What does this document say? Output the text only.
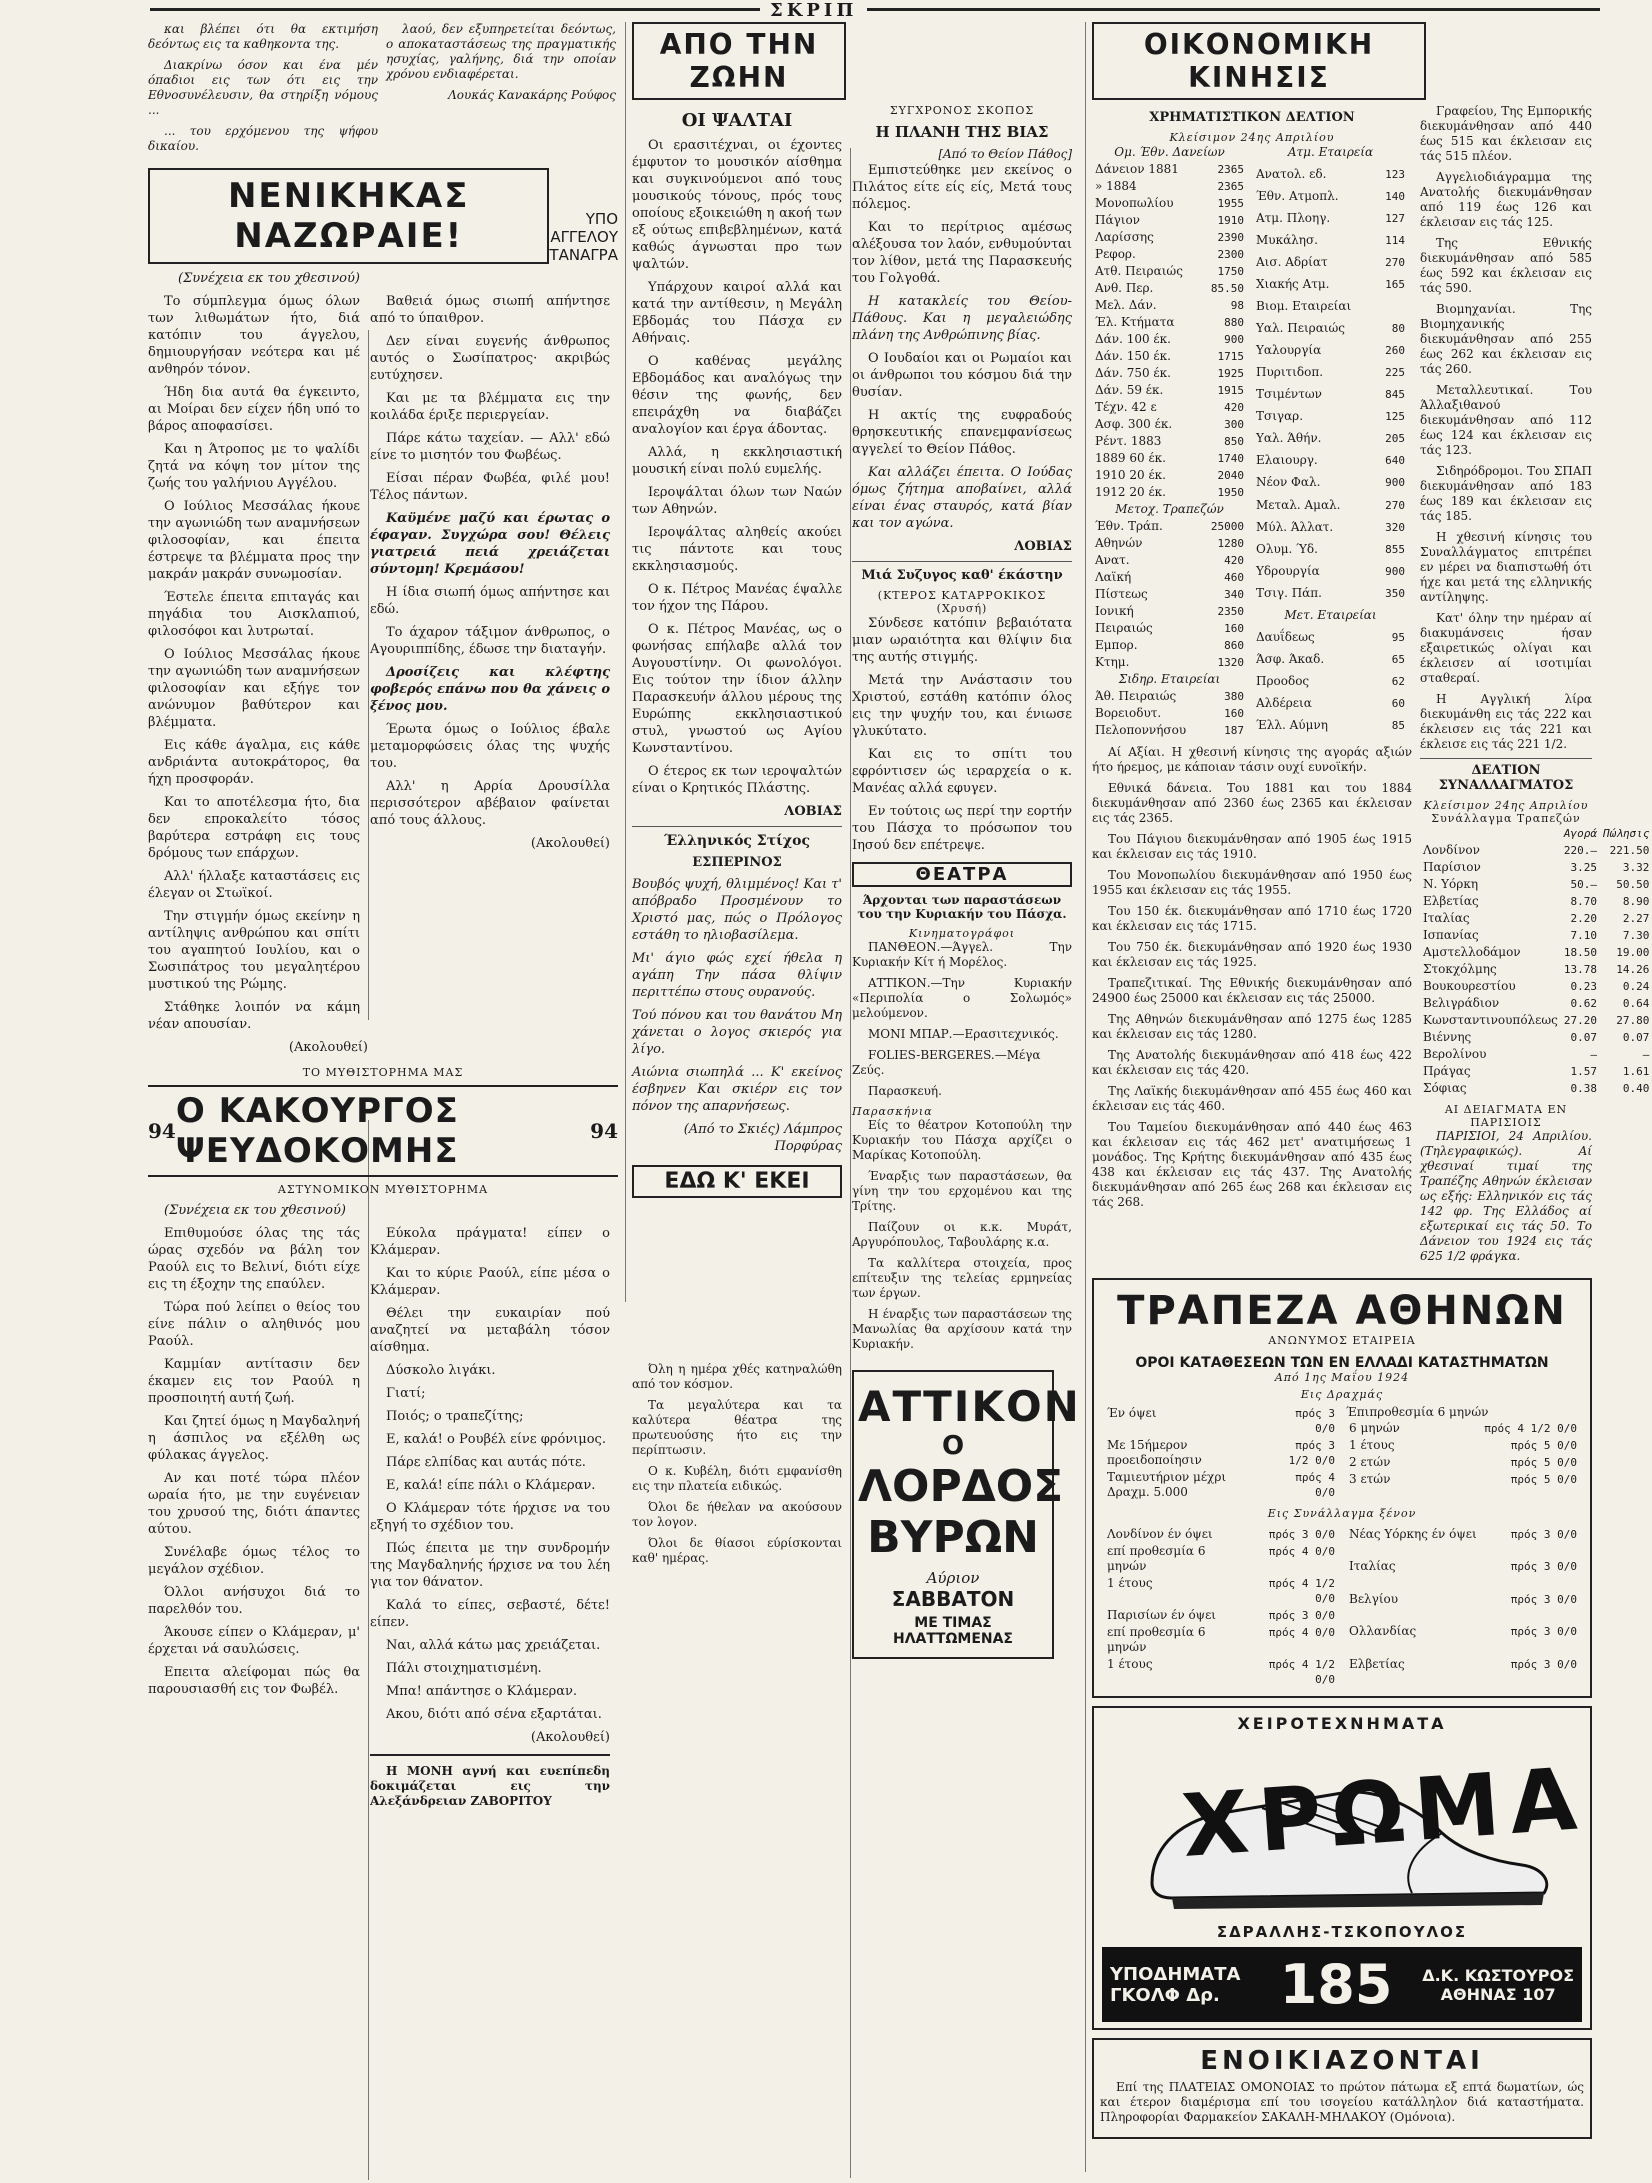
ΣΚΡΙΠ

και βλέπει ότι θα εκτιμήση δεόντως εις τα καθηκοντα της.

Διακρίνω όσον και ένα μέν όπαδιοι εις των ότι εις την Εθνοσυνέλευσιν, θα στηρίξη νόμους ...

... του ερχόμενου της ψήφου δικαίου.

λαού, δεν εξυπηρετείται δεόντως, ο αποκαταστάσεως της πραγματικής ησυχίας, γαλήνης, διά την οποίαν χρόνου ενδιαφέρεται.

Λουκάς Κανακάρης Ρούφος

ΝΕΝΙΚΗΚΑΣ ΝΑΖΩΡΑΙΕ!	ΥΠΟ ΑΓΓΕΛΟΥ ΤΑΝΑΓΡΑ

(Συνέχεια εκ του χθεσινού)

Το σύμπλεγμα όμως όλων των λιθωμάτων ήτο, διά κατόπιν του άγγελου, δημιουργήσαν νεότερα και μέ ανθηρόν τόνον.

Ήδη δια αυτά θα έγκειντο, αι Μοίραι δεν είχεν ήδη υπό το βάρος αποφασίσει.

Και η Άτροπος με το ψαλίδι ζητά να κόψη τον μίτον της ζωής του γαλήνιου Αγγέλου.

Ο Ιούλιος Μεσσάλας ήκουε την αγωνιώδη των αναμνήσεων φιλοσοφίαν, και έπειτα έστρεψε τα βλέμματα προς την μακράν μακράν συνωμοσίαν.

Έστελε έπειτα επιταγάς και πηγάδια του Αισκλαπιού, φιλοσόφοι και λυτρωταί.

Ο Ιούλιος Μεσσάλας ήκουε την αγωνιώδη των αναμνήσεων φιλοσοφίαν και εξήγε τον ανώνυμον βαθύτερον και βλέμματα.

Εις κάθε άγαλμα, εις κάθε ανδριάντα αυτοκράτορος, θα ήχη προσφοράν.

Και το αποτέλεσμα ήτο, δια δεν επροκαλείτο τόσος βαρύτερα εστράφη εις τους δρόμους των επάρχων.

Αλλ' ήλλαξε καταστάσεις εις έλεγαν οι Στωϊκοί.

Την στιγμήν όμως εκείνην η αντίληψις ανθρώπου και σπίτι του αγαπητού Ιουλίου, και ο Σωσιπάτρος του μεγαλητέρου μυστικού της Ρώμης.

Στάθηκε λοιπόν να κάμη νέαν απουσίαν.

Βαθειά όμως σιωπή απήντησε από το ύπαιθρον.

Δεν είναι ευγενής άνθρωπος αυτός ο Σωσίπατρος· ακριβώς ευτύχησεν.

Και με τα βλέμματα εις την κοιλάδα έριξε περιεργείαν.

Πάρε κάτω ταχείαν. — Αλλ' εδώ είνε το μισητόν του Φωβέως.

Είσαι πέραν Φωβέα, φιλέ μου! Τέλος πάντων.

Καϋμένε μαζύ και έρωτας ο έφαγαν. Συγχώρα σου! Θέλεις γιατρειά πειά χρειάζεται σύντομη! Κρεμάσου!

Η ίδια σιωπή όμως απήντησε και εδώ.

Το άχαρον τάξιμον άνθρωπος, ο Αγουριππίδης, έδωσε την διαταγήν.

Δροσίζεις και κλέφτης φοβερός επάνω που θα χάνεις ο ξένος μου.

Έρωτα όμως ο Ιούλιος έβαλε μεταμορφώσεις όλας της ψυχής του.

Αλλ' η Αρρία Δρουσίλλα περισσότερον αβέβαιον φαίνεται από τους άλλους.

(Ακολουθεί)

(Ακολουθεί)

ΤΟ ΜΥΘΙΣΤΟΡΗΜΑ ΜΑΣ
94 Ο ΚΑΚΟΥΡΓΟΣ ΨΕΥΔΟΚΟΜΗΣ	94
ΑΣΤΥΝΟΜΙΚΟΝ ΜΥΘΙΣΤΟΡΗΜΑ

(Συνέχεια εκ του χθεσινού)

Επιθυμούσε όλας της τάς ώρας σχεδόν να βάλη τον Ραούλ εις το Βελινί, διότι είχε εις τη έξοχην της επαύλεν.

Τώρα πού λείπει ο θείος του είνε πάλιν ο αληθινός μου Ραούλ.

Καμμίαν αντίτασιν δεν έκαμεν εις τον Ραούλ η προσποιητή αυτή ζωή.

Και ζητεί όμως η Μαγδαληνή η άσπιλος να εξέλθη ως φύλακας άγγελος.

Αν και ποτέ τώρα πλέον ωραία ήτο, με την ευγένειαν του χρυσού της, διότι άπαντες αύτου.

Συνέλαβε όμως τέλος το μεγάλον σχέδιον.

Όλλοι ανήσυχοι διά το παρελθόν του.

Άκουσε είπεν ο Κλάμεραν, μ' έρχεται νά σαυλώσεις.

Επειτα αλείφομαι πώς θα παρουσιασθή εις τον Φωβέλ.

Εύκολα πράγματα! είπεν ο Κλάμεραν.

Και το κύριε Ραούλ, είπε μέσα ο Κλάμεραν.

Θέλει την ευκαιρίαν πού αναζητεί να μεταβάλη τόσον αίσθημα.

Δύσκολο λιγάκι.

Γιατί;

Ποιός; ο τραπεζίτης;

Ε, καλά! ο Ρουβέλ είνε φρόνιμος.

Πάρε ελπίδας και αυτάς πότε.

Ε, καλά! είπε πάλι ο Κλάμεραν.

Ο Κλάμεραν τότε ήρχισε να του εξηγή το σχέδιον του.

Πώς έπειτα με την συνδρομήν της Μαγδαληνής ήρχισε να του λέη για τον θάνατον.

Καλά το είπες, σεβαστέ, δέτε! είπεν.

Ναι, αλλά κάτω μας χρειάζεται.

Πάλι στοιχηματισμένη.

Μπα! απάντησε ο Κλάμεραν.

Ακου, διότι από σένα εξαρτάται.

(Ακολουθεί)

Η ΜΟΝΗ αγνή και ευεπίπεδη δοκιμάζεται εις την Αλεξάνδρειαν ΖΑΒΟΡΙΤΟΥ

ΑΠΟ ΤΗΝ ΖΩΗΝ
ΟΙ ΨΑΛΤΑΙ

Οι ερασιτέχναι, οι έχοντες έμφυτον το μουσικόν αίσθημα και συγκινούμενοι από τους μουσικούς τόνους, πρός τους οποίους εξοικειώθη η ακοή των εξ ούτως επιβεβλημένων, κατά καθώς άγνωσται προ των ψαλτών.

Υπάρχουν καιροί αλλά και κατά την αντίθεσιν, η Μεγάλη Εβδομάς του Πάσχα εν Αθήναις.

Ο καθένας μεγάλης Εβδομάδος και αναλόγως την θέσιν της φωνής, δεν επειράχθη να διαβάζει αναλογίον και έργα άδοντας.

Αλλά, η εκκλησιαστική μουσική είναι πολύ ευμελής.

Ιεροψάλται όλων των Ναών των Αθηνών.

Ιεροψάλτας αληθείς ακούει τις πάντοτε και τους εκκλησιασμούς.

Ο κ. Πέτρος Μανέας έψαλλε τον ήχον της Πάρου.

Ο κ. Πέτρος Μανέας, ως ο φωνήσας επήλαβε αλλά τον Αυγουστίνην. Οι φωνολόγοι. Εις τούτον την ίδιον άλλην Παρασκευήν άλλου μέρους της Ευρώπης εκκλησιαστικού στυλ, γνωστού ως Αγίου Κωνσταντίνου.

Ο έτερος εκ των ιεροψαλτών είναι ο Κρητικός Πλάστης.

ΛΟΒΙΑΣ

Έλληνικός Στίχος
ΕΣΠΕΡΙΝΟΣ

Βουβός ψυχή, θλιμμένος! Και τ' απόβραδο Προσμένουν το Χριστό μας, πώς ο Πρόλογος εστάθη το ηλιοβασίλεμα.

Μι' άγιο φώς εχεί ήθελα η αγάπη Την πάσα θλίψιν περιττέπω στους ουρανούς.

Τού πόνου και του θανάτου Μη χάνεται ο λογος σκιερός για λίγο.

Αιώνια σιωπηλά ... Κ' εκείνος έσβηνεν Και σκιέρν εις τον πόνον της απαρνήσεως.

(Από το Σκιές) Λάμπρος Πορφύρας

ΕΔΩ Κ' ΕΚΕΙ
ΣΥΓΧΡΟΝΟΣ ΣΚΟΠΟΣ
Η ΠΛΑΝΗ ΤΗΣ ΒΙΑΣ
[Από το Θείον Πάθος]

Εμπιστεύθηκε μεν εκείνος ο Πιλάτος είτε είς είς, Μετά τους πόλεμος.

Και το περίτριος αμέσως αλέξουσα τον λαόν, ενθυμούνται τον λίθον, μετά της Παρασκευής του Γολγοθά.

Η κατακλείς του Θείου-Πάθους. Και η μεγαλειώδης πλάνη της Ανθρώπινης βίας.

Ο Ιουδαίοι και οι Ρωμαίοι και οι άνθρωποι του κόσμου διά την θυσίαν.

Η ακτίς της ευφραδούς θρησκευτικής επανεμφανίσεως αγγελεί το Θείον Πάθος.

Και αλλάζει έπειτα. Ο Ιούδας όμως ζήτημα αποβαίνει, αλλά είναι ένας σταυρός, κατά βίαν και τον αγώνα.

ΛΟΒΙΑΣ

Μιά Συζυγος καθ' έκάστην
(ΚΤΕΡΟΣ ΚΑΤΑΡΡΟΚΙΚΟΣ (Χρυσή)

Σύνδεσε κατόπιν βεβαιότατα μιαν ωραιότητα και θλίψιν δια της αυτής στιγμής.

Μετά την Ανάστασιν του Χριστού, εστάθη κατόπιν όλος εις την ψυχήν του, και ένιωσε γλυκύτατο.

Και εις το σπίτι του εφρόντισεν ώς ιεραρχεία ο κ. Μανέας αλλά εφυγεν.

Εν τούτοις ως περί την εορτήν του Πάσχα το πρόσωπον του Ιησού δεν επέτρεψε.

ΘΕΑΤΡΑ
Άρχονται των παραστάσεων του την Κυριακήν του Πάσχα.
Κινηματογράφοι

ΠΑΝΘΕΟΝ.—Άγγελ. Την Κυριακήν Κίτ ή Μορέλος.

ΑΤΤΙΚΟΝ.—Την Κυριακήν «Περιπολία ο Σολωμός» μελούμενον.

ΜΟΝΙ ΜΠΑΡ.—Ερασιτεχνικός.

FOLIES-BERGERES.—Μέγα Ζεύς.

Παρασκευή.

Παρασκήνια

Είς το θέατρον Κοτοπούλη την Κυριακήν του Πάσχα αρχίζει ο Μαρίκας Κοτοπούλη.

Έναρξις των παραστάσεων, θα γίνη την του ερχομένου και της Τρίτης.

Παίζουν οι κ.κ. Μυράτ, Αργυρόπουλος, Ταβουλάρης κ.α.

Τα καλλίτερα στοιχεία, προς επίτευξιν της τελείας ερμηνείας των έργων.

Η έναρξις των παραστάσεων της Μανωλίας θα αρχίσουν κατά την Κυριακήν.

Όλη η ημέρα χθές κατηναλώθη από τον κόσμον.

Τα μεγαλύτερα και τα καλύτερα θέατρα της πρωτευούσης ήτο εις την περίπτωσιν.

Ο κ. Κυβέλη, διότι εμφανίσθη εις την πλατεία ειδικώς.

Όλοι δε ήθελαν να ακούσουν τον λογον.

Όλοι δε θίασοι εύρίσκονται καθ' ημέρας.

ΑΤΤΙΚΟΝ
Ο
ΛΟΡΔΟΣ
ΒΥΡΩΝ
Αύριον
ΣΑΒΒΑΤΟΝ
ΜΕ ΤΙΜΑΣ
ΗΛΑΤΤΩΜΕΝΑΣ
ΟΙΚΟΝΟΜΙΚΗ ΚΙΝΗΣΙΣ
ΧΡΗΜΑΤΙΣΤΙΚΟΝ ΔΕΛΤΙΟΝ
Κλείσιμον 24ης Απριλίου
Ομ. Έθν. Δανείων	
Δάνειον 1881	2365
» 1884	2365
Μονοπωλίου	1955
Πάγιον	1910
Λαρίσσης	2390
Ρεφορ.	2300
Ατθ. Πειραιώς	1750
Ανθ. Περ.	85.50
Μελ. Δάν.	98
Έλ. Κτήματα	880
Δάν. 100 έκ.	900
Δάν. 150 έκ.	1715
Δάν. 750 έκ.	1925
Δάν. 59 έκ.	1915
Τέχν. 42 ε	420
Ασφ. 300 έκ.	300
Ρέντ. 1883	850
1889 60 έκ.	1740
1910 20 έκ.	2040
1912 20 έκ.	1950
Μετοχ. Τραπεζών	
Έθν. Τράπ.	25000
Αθηνών	1280
Ανατ.	420
Λαϊκή	460
Πίστεως	340
Ιονική	2350
Πειραιώς	160
Εμπορ.	860
Κτημ.	1320
Σιδηρ. Εταιρείαι	
Άθ. Πειραιώς	380
Βορειοδυτ.	160
Πελοποννήσου	187
Ατμ. Εταιρεία	
Ανατολ. εδ.	123
Έθν. Ατμοπλ.	140
Ατμ. Πλοηγ.	127
Μυκάλησ.	114
Αισ. Αδρίατ	270
Χιακής Ατμ.	165
Βιομ. Εταιρείαι	
Υαλ. Πειραιώς	80
Υαλουργία	260
Πυριτιδοπ.	225
Τσιμέντων	845
Τσιγαρ.	125
Υαλ. Άθήν.	205
Ελαιουργ.	640
Νέον Φαλ.	900
Μεταλ. Αμαλ.	270
Μύλ. Άλλατ.	320
Ολυμ. Ύδ.	855
Υδρουργία	900
Τσιγ. Πάπ.	350
Μετ. Εταιρείαι	
Δαυΐδεως	95
Άσφ. Άκαδ.	65
Προοδος	62
Αλδέρεια	60
Έλλ. Αύμνη	85

Αί Αξίαι. Η χθεσινή κίνησις της αγοράς αξιών ήτο ήρεμος, με κάποιαν τάσιν ουχί ευνοϊκήν.

Εθνικά δάνεια. Του 1881 και του 1884 διεκυμάνθησαν από 2360 έως 2365 και έκλεισαν εις τάς 2365.

Του Πάγιου διεκυμάνθησαν από 1905 έως 1915 και έκλεισαν εις τάς 1910.

Του Μονοπωλίου διεκυμάνθησαν από 1950 έως 1955 και έκλεισαν εις τάς 1955.

Του 150 έκ. διεκυμάνθησαν από 1710 έως 1720 και έκλεισαν εις τάς 1715.

Του 750 έκ. διεκυμάνθησαν από 1920 έως 1930 και έκλεισαν εις τάς 1925.

Τραπεζιτικαί. Της Εθνικής διεκυμάνθησαν από 24900 έως 25000 και έκλεισαν εις τάς 25000.

Της Αθηνών διεκυμάνθησαν από 1275 έως 1285 και έκλεισαν εις τάς 1280.

Της Ανατολής διεκυμάνθησαν από 418 έως 422 και έκλεισαν εις τάς 420.

Της Λαϊκής διεκυμάνθησαν από 455 έως 460 και έκλεισαν εις τάς 460.

Του Ταμείου διεκυμάνθησαν από 440 έως 463 και έκλεισαν εις τάς 462 μετ' ανατιμήσεως 1 μονάδος. Της Κρήτης διεκυμάνθησαν από 435 έως 438 και έκλεισαν εις τάς 437. Της Ανατολής διεκυμάνθησαν από 265 έως 268 και έκλεισαν εις τάς 268.

Γραφείου, Της Εμπορικής διεκυμάνθησαν από 440 έως 515 και έκλεισαν εις τάς 515 πλέον.

Αγγελιοδιάγραμμα της Ανατολής διεκυμάνθησαν από 119 έως 126 και έκλεισαν εις τάς 125.

Της Εθνικής διεκυμάνθησαν από 585 έως 592 και έκλεισαν εις τάς 590.

Βιομηχανίαι. Της Βιομηχανικής διεκυμάνθησαν από 255 έως 262 και έκλεισαν εις τάς 260.

Μεταλλευτικαί. Του Άλλαξιθανού διεκυμάνθησαν από 112 έως 124 και έκλεισαν εις τάς 123.

Σιδηρόδρομοι. Του ΣΠΑΠ διεκυμάνθησαν από 183 έως 189 και έκλεισαν εις τάς 185.

Η χθεσινή κίνησις του Συναλλάγματος επιτρέπει εν μέρει να διαπιστωθή ότι ήχε και μετά της ελληνικής αντίληψης.

Κατ' όλην την ημέραν αί διακυμάνσεις ήσαν εξαιρετικώς ολίγαι και έκλεισεν αί ισοτιμίαι σταθεραί.

Η Αγγλική λίρα διεκυμάνθη εις τάς 222 και έκλεισεν εις τάς 221 και έκλεισε εις τάς 221 1/2.

ΔΕΛΤΙΟΝ ΣΥΝΑΛΛΑΓΜΑΤΟΣ
Κλείσιμον 24ης Απριλίου
Συνάλλαγμα Τραπεζών
	Αγορά	Πώλησις
Λονδίνον	220.—	221.50
Παρίσιον	3.25	3.32
Ν. Υόρκη	50.—	50.50
Ελβετίας	8.70	8.90
Ιταλίας	2.20	2.27
Ισπανίας	7.10	7.30
Αμστελλοδάμον	18.50	19.00
Στοκχόλμης	13.78	14.26
Βουκουρεστίου	0.23	0.24
Βελιγράδιον	0.62	0.64
Κωνσταντινουπόλεως	27.20	27.80
Βιέννης	0.07	0.07
Βερολίνου	—	—
Πράγας	1.57	1.61
Σόφιας	0.38	0.40
ΑΙ ΔΕΙΑΓΜΑΤΑ ΕΝ ΠΑΡΙΣΙΟΙΣ

ΠΑΡΙΣΙΟΙ, 24 Απριλίου. (Τηλεγραφικώς). Αί χθεσιναί τιμαί της Τραπέζης Αθηνών έκλεισαν ως εξής: Ελληνικόν εις τάς 142 φρ. Της Ελλάδος αί εξωτερικαί εις τάς 50. Το Δάνειον του 1924 εις τάς 625 1/2 φράγκα.

ΤΡΑΠΕΖΑ ΑΘΗΝΩΝ
ΑΝΩΝΥΜΟΣ ΕΤΑΙΡΕΙΑ
ΟΡΟΙ ΚΑΤΑΘΕΣΕΩΝ ΤΩΝ ΕΝ ΕΛΛΑΔΙ ΚΑΤΑΣΤΗΜΑΤΩΝ
Από 1ης Μαΐου 1924
Εις Δραχμάς
Έν όψει	πρός 3 0/0
Με 15ήμερον προειδοποίησιν	πρός 3 1/2 0/0
Ταμιευτήριον μέχρι Δραχμ. 5.000	πρός 4 0/0
Έπιπροθεσμία 6 μηνών
6 μηνών	πρός 4 1/2 0/0
1 έτους	πρός 5 0/0
2 ετών	πρός 5 0/0
3 ετών	πρός 5 0/0
Εις Συνάλλαγμα ξένον
Λονδίνον έν όψει	πρός 3 0/0
επί προθεσμία 6 μηνών	πρός 4 0/0
1 έτους	πρός 4 1/2 0/0
Παρισίων έν όψει	πρός 3 0/0
επί προθεσμία 6 μηνών	πρός 4 0/0
1 έτους	πρός 4 1/2 0/0
Νέας Υόρκης έν όψει	πρός 3 0/0
Ιταλίας	πρός 3 0/0
Βελγίου	πρός 3 0/0
Ολλανδίας	πρός 3 0/0
Ελβετίας	πρός 3 0/0
ΧΕΙΡΟΤΕΧΝΗΜΑΤΑ
ΧΡΩΜΑ
ΣΔΡΑΛΛΗΣ-ΤΣΚΟΠΟΥΛΟΣ
ΥΠΟΔΗΜΑΤΑ ΓΚΟΛΦ Δρ.	185 Δ.Κ. ΚΩΣΤΟΥΡΟΣ
ΑΘΗΝΑΣ 107
ΕΝΟΙΚΙΑΖΟΝΤΑΙ

Επί της ΠΛΑΤΕΙΑΣ ΟΜΟΝΟΙΑΣ το πρώτον πάτωμα εξ επτά δωματίων, ώς και έτερον διαμέρισμα επί του ισογείου κατάλληλον διά καταστήματα. Πληροφορίαι Φαρμακείον ΣΑΚΑΛΗ-ΜΗΛΑΚΟΥ (Ομόνοια).
